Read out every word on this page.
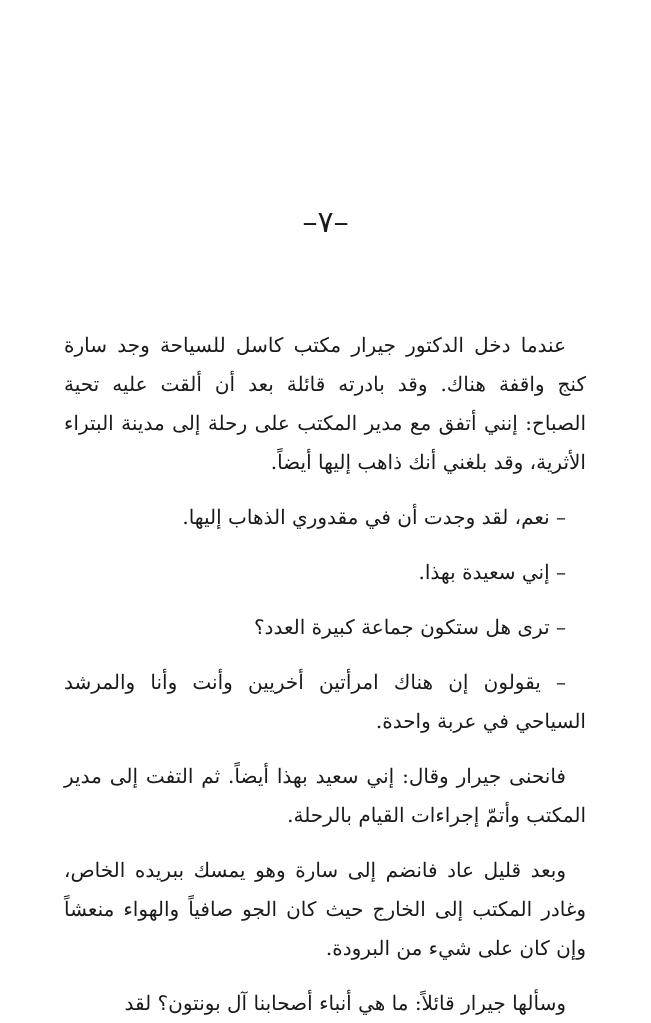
–٧–

عندما دخل الدكتور جيرار مكتب كاسل للسياحة وجد سارة كنج واقفة هناك. وقد بادرته قائلة بعد أن ألقت عليه تحية الصباح: إنني أتفق مع مدير المكتب على رحلة إلى مدينة البتراء الأثرية، وقد بلغني أنك ذاهب إليها أيضاً.

– نعم، لقد وجدت أن في مقدوري الذهاب إليها.

– إني سعيدة بهذا.

– ترى هل ستكون جماعة كبيرة العدد؟

– يقولون إن هناك امرأتين أخريين وأنت وأنا والمرشد السياحي في عربة واحدة.

فانحنى جيرار وقال: إني سعيد بهذا أيضاً. ثم التفت إلى مدير المكتب وأتمّ إجراءات القيام بالرحلة.

وبعد قليل عاد فانضم إلى سارة وهو يمسك ببريده الخاص، وغادر المكتب إلى الخارج حيث كان الجو صافياً والهواء منعشاً وإن كان على شيء من البرودة.

وسألها جيرار قائلاً: ما هي أنباء أصحابنا آل بونتون؟ لقد
